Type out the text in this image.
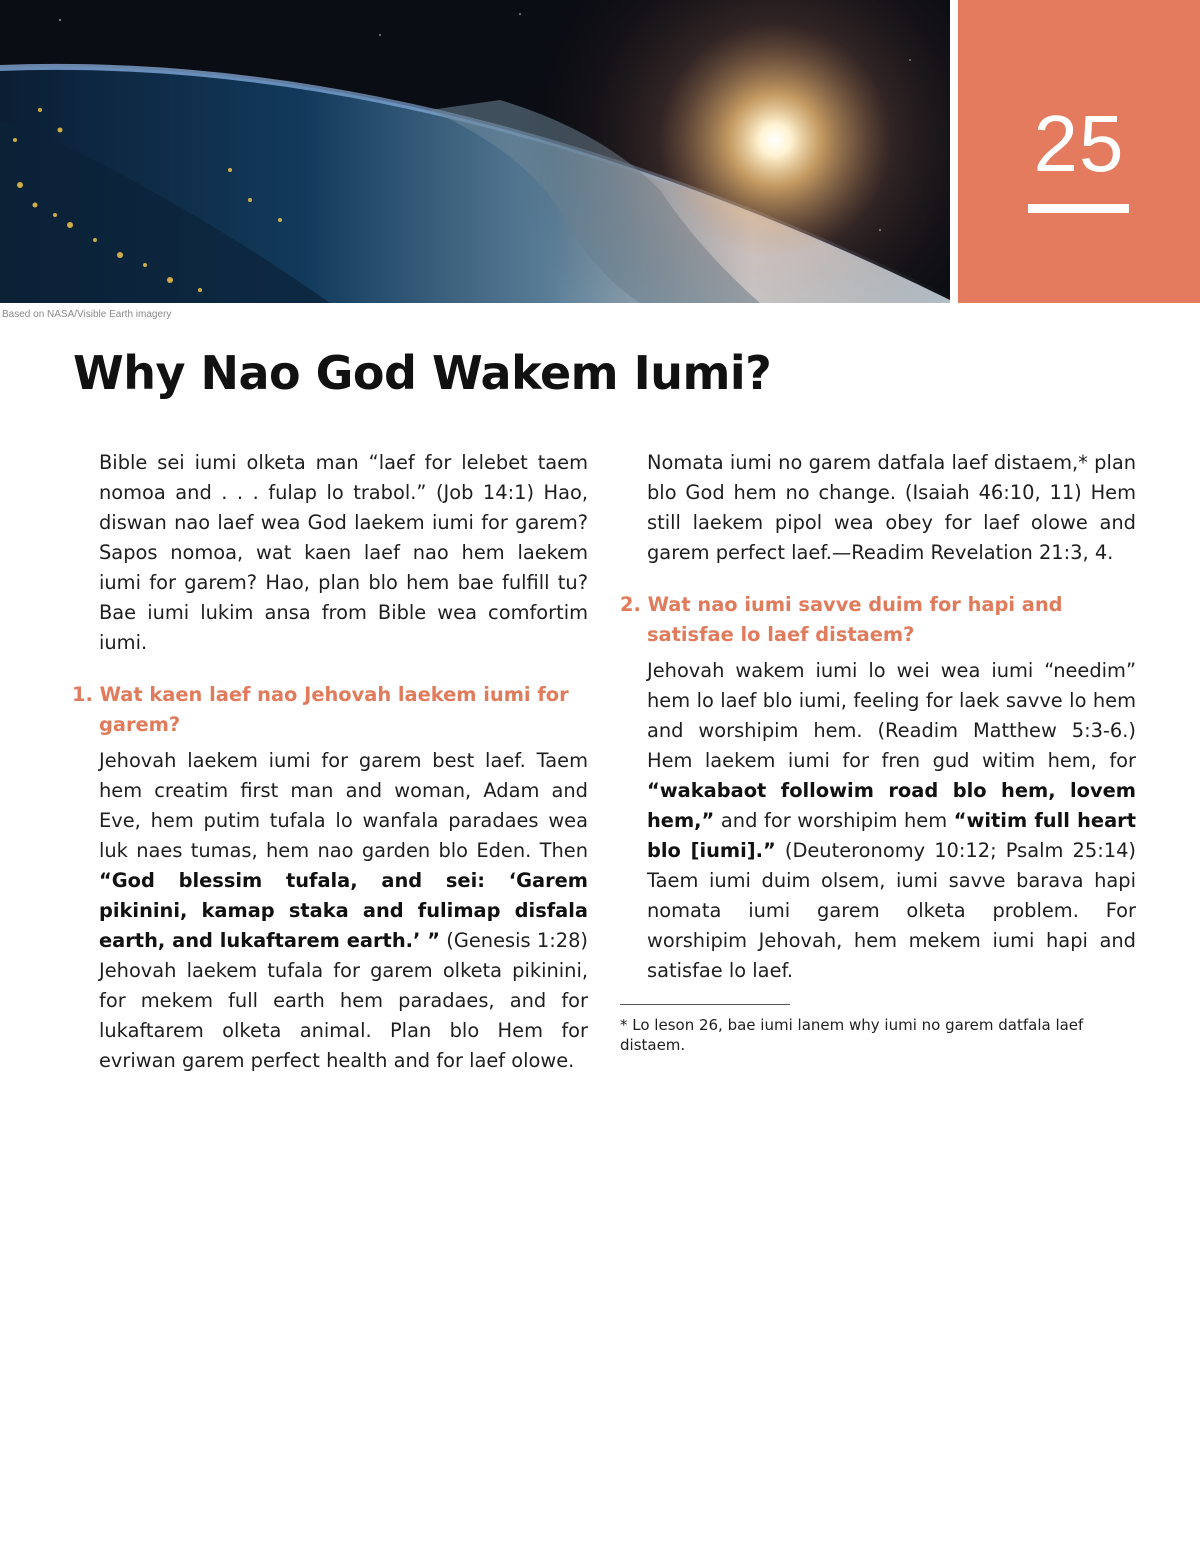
25
Based on NASA/Visible Earth imagery
Why Nao God Wakem Iumi?

Bible sei iumi olketa man “laef for lelebet taem nomoa and . . . fulap lo trabol.” (Job 14:1) Hao, diswan nao laef wea God laekem iumi for garem? Sapos nomoa, wat kaen laef nao hem laekem iumi for garem? Hao, plan blo hem bae fulfill tu? Bae iumi lukim ansa from Bible wea comfortim iumi.

1. Wat kaen laef nao Jehovah laekem iumi for garem?

Jehovah laekem iumi for garem best laef. Taem hem creatim first man and woman, Adam and Eve, hem putim tufala lo wanfala paradaes wea luk naes tumas, hem nao garden blo Eden. Then “God blessim tufala, and sei: ‘Garem pikinini, kamap staka and fulimap disfala earth, and lukaftarem earth.’ ” (Genesis 1:28) Jehovah laekem tufala for garem olketa pikinini, for mekem full earth hem paradaes, and for lukaftarem olketa animal. Plan blo Hem for evriwan garem perfect health and for laef olowe.

Nomata iumi no garem datfala laef distaem,* plan blo God hem no change. (Isaiah 46:10, 11) Hem still laekem pipol wea obey for laef olowe and garem perfect laef.—Readim Revelation 21:3, 4.

2. Wat nao iumi savve duim for hapi and satisfae lo laef distaem?

Jehovah wakem iumi lo wei wea iumi “needim” hem lo laef blo iumi, feeling for laek savve lo hem and worshipim hem. (Readim Matthew 5:3-6.) Hem laekem iumi for fren gud witim hem, for “wakabaot followim road blo hem, lovem hem,” and for worshipim hem “witim full heart blo [iumi].” (Deuteronomy 10:12; Psalm 25:14) Taem iumi duim olsem, iumi savve barava hapi nomata iumi garem olketa problem. For worshipim Jehovah, hem mekem iumi hapi and satisfae lo laef.

* Lo leson 26, bae iumi lanem why iumi no garem datfala laef distaem.
